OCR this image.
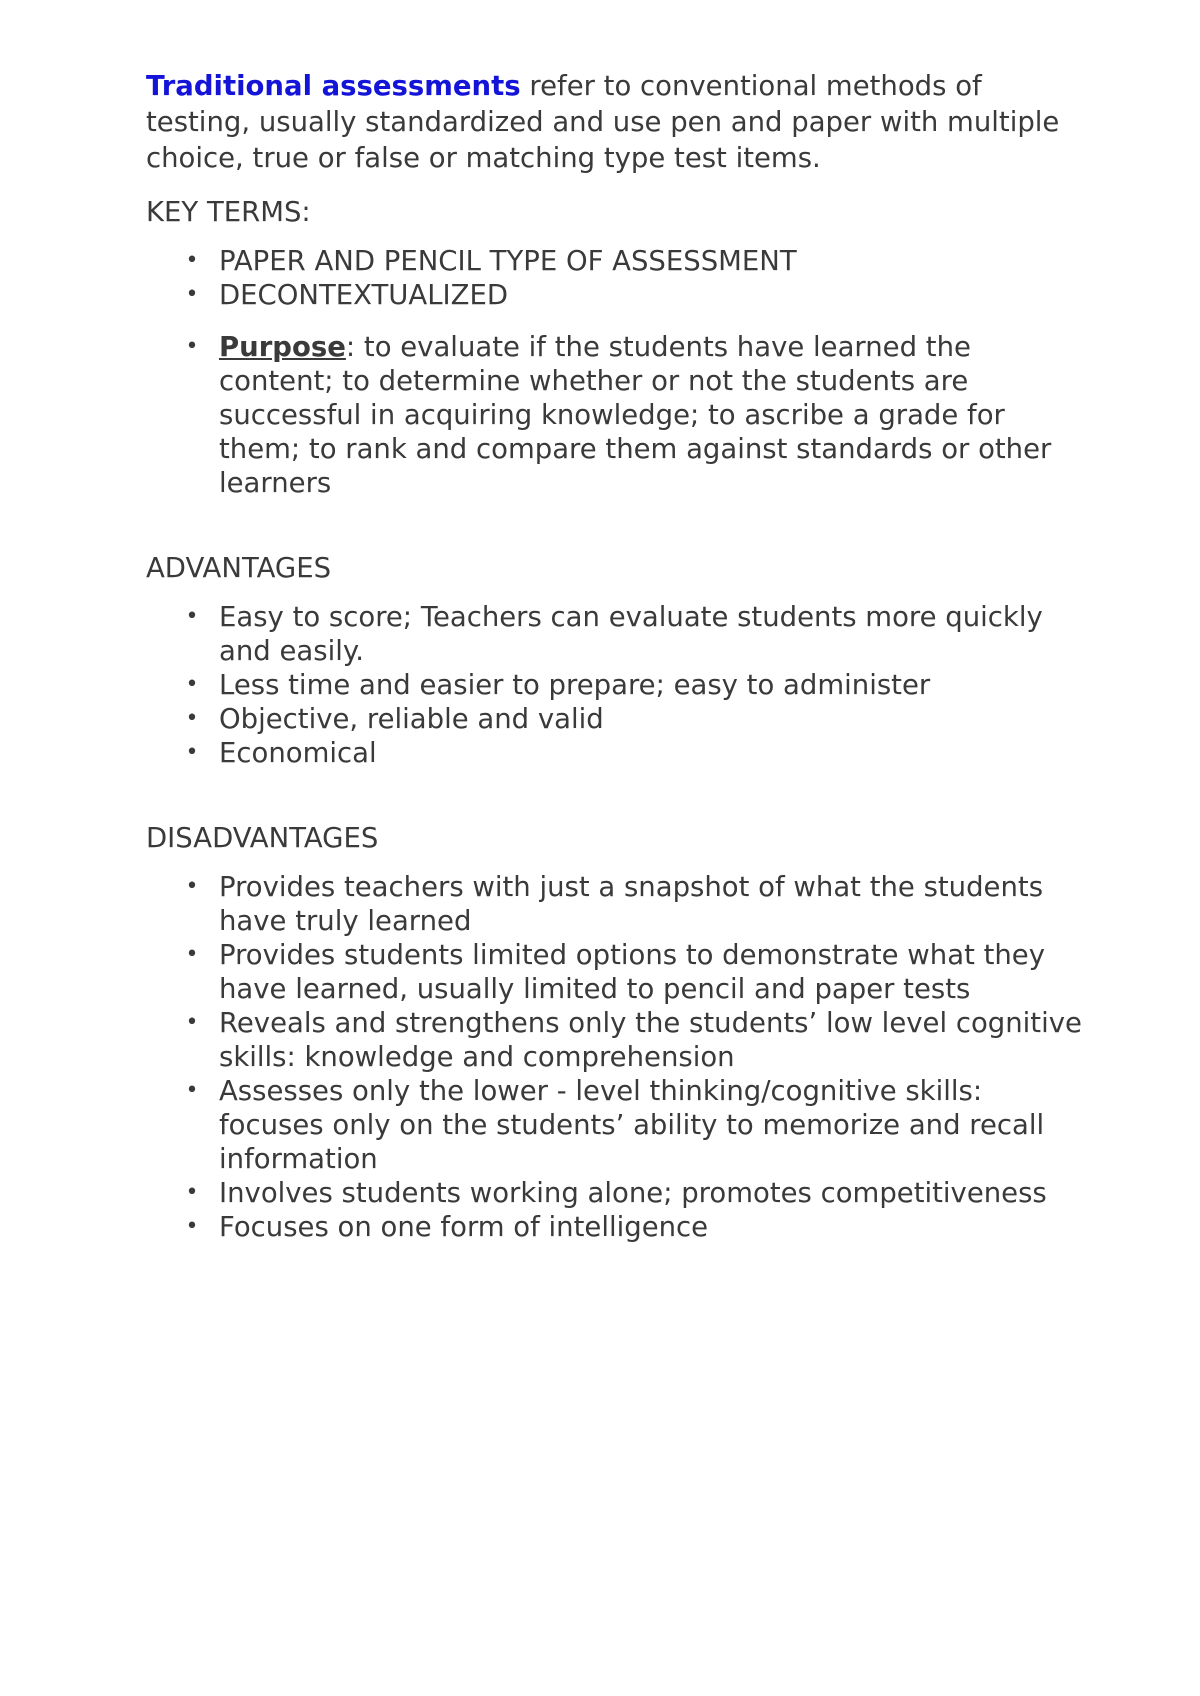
Traditional assessments refer to conventional methods of testing, usually standardized and use pen and paper with multiple choice, true or false or matching type test items.

KEY TERMS:

• PAPER AND PENCIL TYPE OF ASSESSMENT
• DECONTEXTUALIZED
• Purpose: to evaluate if the students have learned the content; to determine whether or not the students are successful in acquiring knowledge; to ascribe a grade for them; to rank and compare them against standards or other learners

ADVANTAGES

• Easy to score; Teachers can evaluate students more quickly and easily.
• Less time and easier to prepare; easy to administer
• Objective, reliable and valid
• Economical

DISADVANTAGES

• Provides teachers with just a snapshot of what the students have truly learned
• Provides students limited options to demonstrate what they have learned, usually limited to pencil and paper tests
• Reveals and strengthens only the students’ low level cognitive skills: knowledge and comprehension
• Assesses only the lower - level thinking/cognitive skills: focuses only on the students’ ability to memorize and recall information
• Involves students working alone; promotes competitiveness
• Focuses on one form of intelligence
